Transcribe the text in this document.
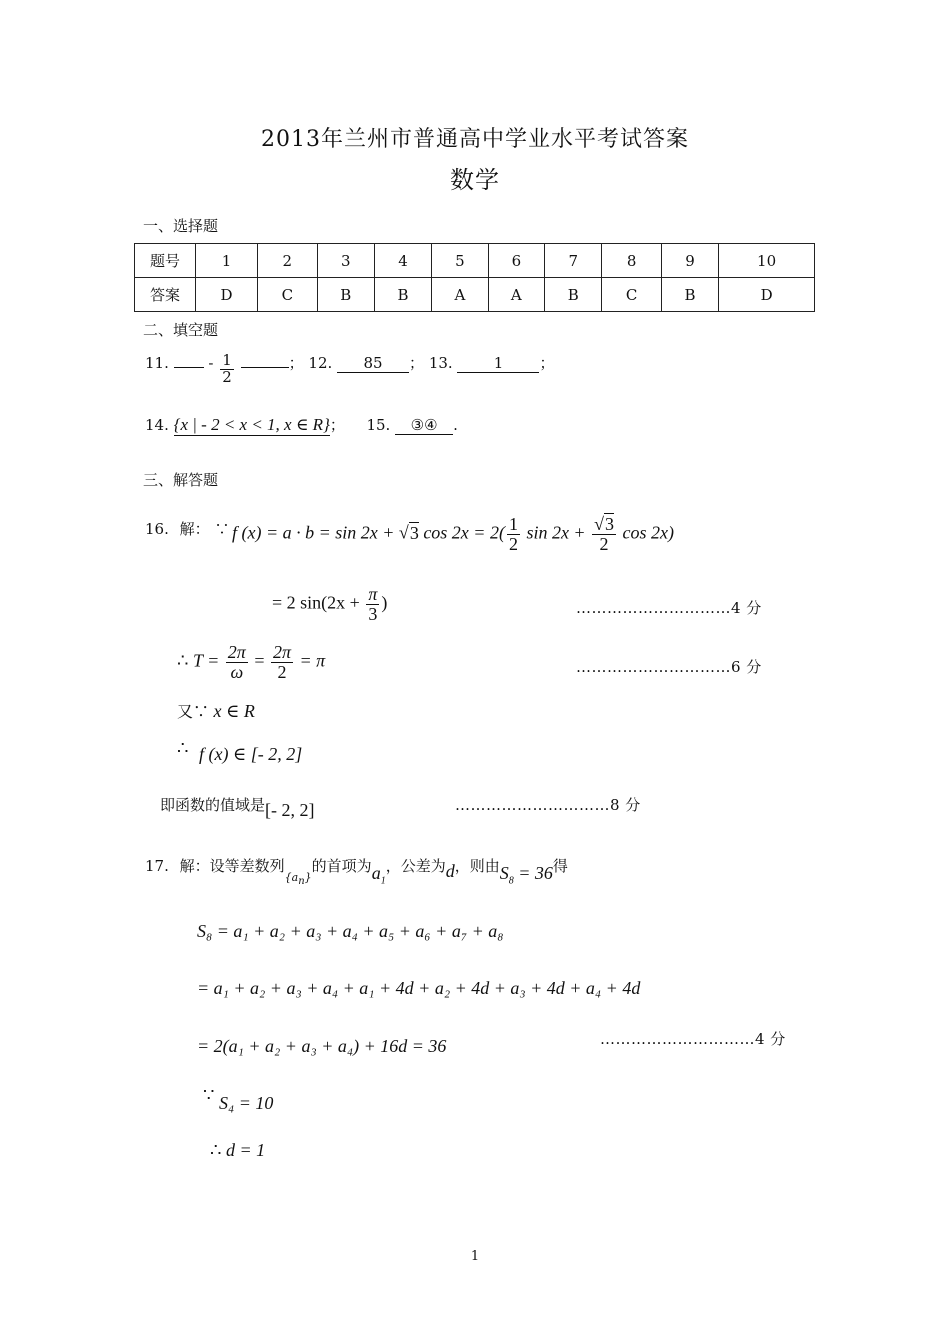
2013年兰州市普通高中学业水平考试答案
数学
一、选择题
题号	1	2	3	4	5	6	7	8	9	10
答案	D	C	B	B	A	A	B	C	B	D
二、填空题
11.	- $\frac{1}{2}$	； 12. 85 ； 13.	1 ；
14. {x | - 2 < x < 1, x ∈ R}； 15. ③④ .
三、解答题
16. 解： ∵ f (x) = a · b = sin 2x + √3 $\cos 2x = 2( \frac{1}{2}$ $\sin 2x + \frac{√3}{2}$ cos 2x)
= 2 $\sin(2x + \frac{\pi}{3}$ )	…………………………4 分
∴ $T = \frac{2\pi}{\omega} = \frac{2\pi}{2} = \pi$	…………………………6 分
又∵ x ∈ R
∴ f (x) ∈ [- 2, 2]
即函数的值域是[- 2, 2]	…………………………8 分
17. 解：设等差数列$_{\{a_n\}}$的首项为$a_1$，公差为d，则由$S_8 = 36$得
S₈ = a₁ + a₂ + a₃ + a₄ + a₅ + a₆ + a₇ + a₈
= a₁ + a₂ + a₃ + a₄ + a₁ + 4d + a₂ + 4d + a₃ + 4d + a₄ + 4d
= 2(a₁ + a₂ + a₃ + a₄) + 16d = 36	…………………………4 分
∵ S₄ = 10
∴ d = 1
1
